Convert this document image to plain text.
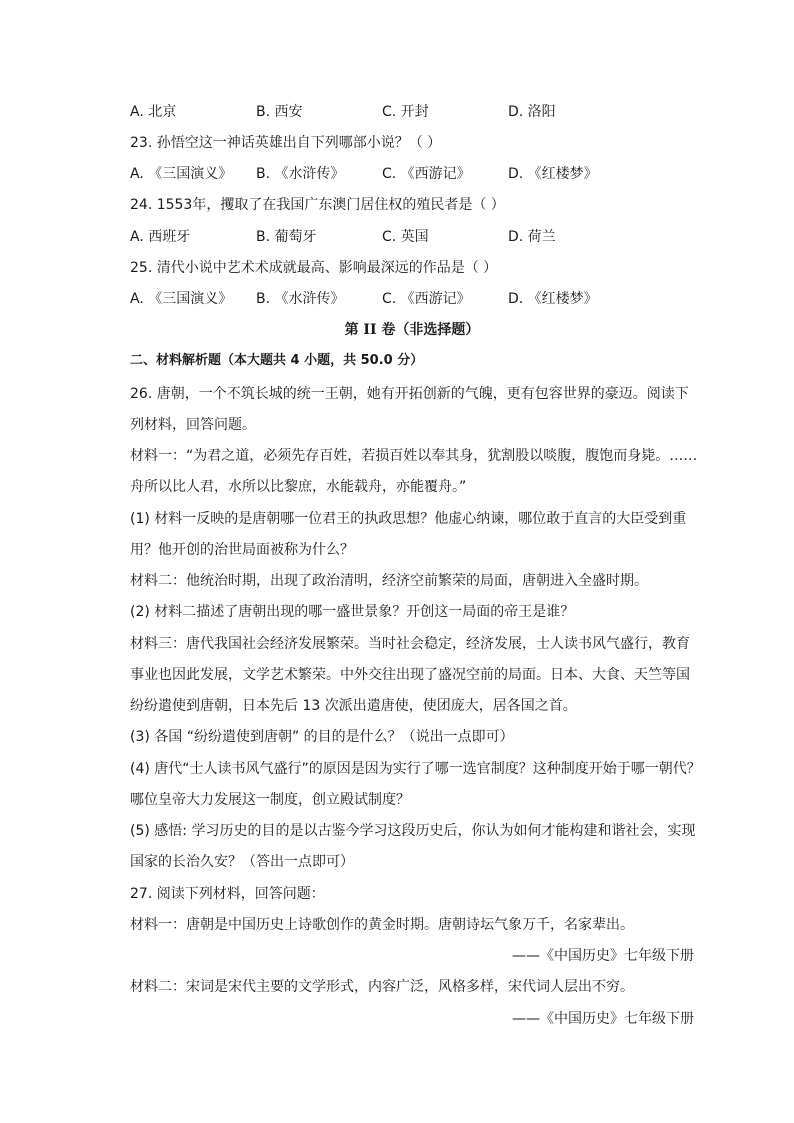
A. 北京	B. 西安	C. 开封	D. 洛阳
23. 孙悟空这一神话英雄出自下列哪部小说？（ ）
A. 《三国演义》	B. 《水浒传》	C. 《西游记》	D. 《红楼梦》
24. 1553年，攫取了在我国广东澳门居住权的殖民者是（ ）
A. 西班牙	B. 葡萄牙	C. 英国	D. 荷兰
25. 清代小说中艺术术成就最高、影响最深远的作品是（ ）
A. 《三国演义》	B. 《水浒传》	C. 《西游记》	D. 《红楼梦》
第 II 卷（非选择题）
二、材料解析题（本大题共 4 小题，共 50.0 分）
26. 唐朝，一个不筑长城的统一王朝，她有开拓创新的气魄，更有包容世界的豪迈。阅读下
列材料，回答问题。
材料一：“为君之道，必须先存百姓，若损百姓以奉其身，犹割股以啖腹，腹饱而身毙。……
舟所以比人君，水所以比黎庶，水能载舟，亦能覆舟。”
(1) 材料一反映的是唐朝哪一位君王的执政思想？他虚心纳谏，哪位敢于直言的大臣受到重
用？他开创的治世局面被称为什么？
材料二：他统治时期，出现了政治清明，经济空前繁荣的局面，唐朝进入全盛时期。
(2) 材料二描述了唐朝出现的哪一盛世景象？开创这一局面的帝王是谁？
材料三：唐代我国社会经济发展繁荣。当时社会稳定，经济发展，士人读书风气盛行，教育
事业也因此发展，文学艺术繁荣。中外交往出现了盛况空前的局面。日本、大食、天竺等国
纷纷遣使到唐朝，日本先后 13 次派出遣唐使，使团庞大，居各国之首。
(3) 各国 “纷纷遣使到唐朝” 的目的是什么？（说出一点即可）
(4) 唐代“士人读书风气盛行”的原因是因为实行了哪一选官制度？这种制度开始于哪一朝代？
哪位皇帝大力发展这一制度，创立殿试制度？
(5) 感悟: 学习历史的目的是以古鉴今学习这段历史后，你认为如何才能构建和谐社会，实现
国家的长治久安？（答出一点即可）
27. 阅读下列材料，回答问题：
材料一：唐朝是中国历史上诗歌创作的黄金时期。唐朝诗坛气象万千，名家辈出。
——《中国历史》七年级下册
材料二：宋词是宋代主要的文学形式，内容广泛，风格多样，宋代词人层出不穷。
——《中国历史》七年级下册
